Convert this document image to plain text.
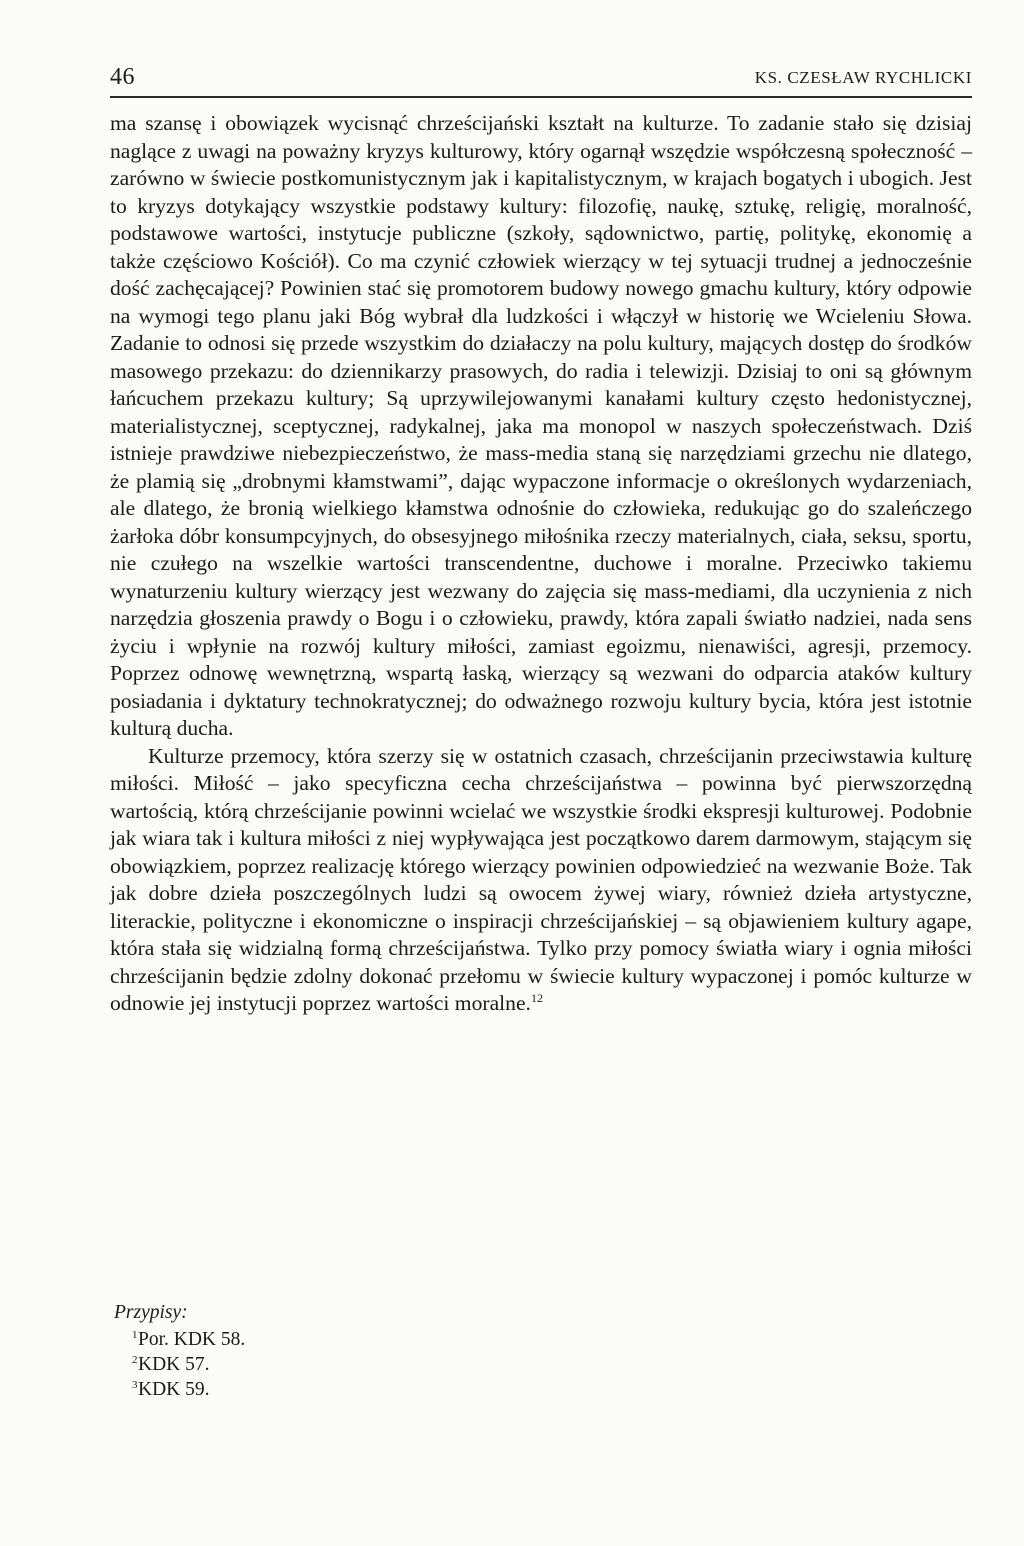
46	KS. CZESŁAW RYCHLICKI

ma szansę i obowiązek wycisnąć chrześcijański kształt na kulturze. To zadanie stało się dzisiaj naglące z uwagi na poważny kryzys kulturowy, który ogarnął wszędzie współczesną społeczność – zarówno w świecie postkomunistycznym jak i kapitalistycznym, w krajach bogatych i ubogich. Jest to kryzys dotykający wszystkie podstawy kultury: filozofię, naukę, sztukę, religię, moralność, podstawowe wartości, instytucje publiczne (szkoły, sądownictwo, partię, politykę, ekonomię a także częściowo Kościół). Co ma czynić człowiek wierzący w tej sytuacji trudnej a jednocześnie dość zachęcającej? Powinien stać się promotorem budowy nowego gmachu kultury, który odpowie na wymogi tego planu jaki Bóg wybrał dla ludzkości i włączył w historię we Wcieleniu Słowa. Zadanie to odnosi się przede wszystkim do działaczy na polu kultury, mających dostęp do środków masowego przekazu: do dziennikarzy prasowych, do radia i telewizji. Dzisiaj to oni są głównym łańcuchem przekazu kultury; Są uprzywilejowanymi kanałami kultury często hedonistycznej, materialistycznej, sceptycznej, radykalnej, jaka ma monopol w naszych społeczeństwach. Dziś istnieje prawdziwe niebezpieczeństwo, że mass-media staną się narzędziami grzechu nie dlatego, że plamią się „drobnymi kłamstwami”, dając wypaczone informacje o określonych wydarzeniach, ale dlatego, że bronią wielkiego kłamstwa odnośnie do człowieka, redukując go do szaleńczego żarłoka dóbr konsumpcyjnych, do obsesyjnego miłośnika rzeczy materialnych, ciała, seksu, sportu, nie czułego na wszelkie wartości transcendentne, duchowe i moralne. Przeciwko takiemu wynaturzeniu kultury wierzący jest wezwany do zajęcia się mass-mediami, dla uczynienia z nich narzędzia głoszenia prawdy o Bogu i o człowieku, prawdy, która zapali światło nadziei, nada sens życiu i wpłynie na rozwój kultury miłości, zamiast egoizmu, nienawiści, agresji, przemocy. Poprzez odnowę wewnętrzną, wspartą łaską, wierzący są wezwani do odparcia ataków kultury posiadania i dyktatury technokratycznej; do odważnego rozwoju kultury bycia, która jest istotnie kulturą ducha.

Kulturze przemocy, która szerzy się w ostatnich czasach, chrześcijanin przeciwstawia kulturę miłości. Miłość – jako specyficzna cecha chrześcijaństwa – powinna być pierwszorzędną wartością, którą chrześcijanie powinni wcielać we wszystkie środki ekspresji kulturowej. Podobnie jak wiara tak i kultura miłości z niej wypływająca jest początkowo darem darmowym, stającym się obowiązkiem, poprzez realizację którego wierzący powinien odpowiedzieć na wezwanie Boże. Tak jak dobre dzieła poszczególnych ludzi są owocem żywej wiary, również dzieła artystyczne, literackie, polityczne i ekonomiczne o inspiracji chrześcijańskiej – są objawieniem kultury agape, która stała się widzialną formą chrześcijaństwa. Tylko przy pomocy światła wiary i ognia miłości chrześcijanin będzie zdolny dokonać przełomu w świecie kultury wypaczonej i pomóc kulturze w odnowie jej instytucji poprzez wartości moralne.$^{12}$

Przypisy:

1 Por. KDK 58.

2 KDK 57.

3 KDK 59.
